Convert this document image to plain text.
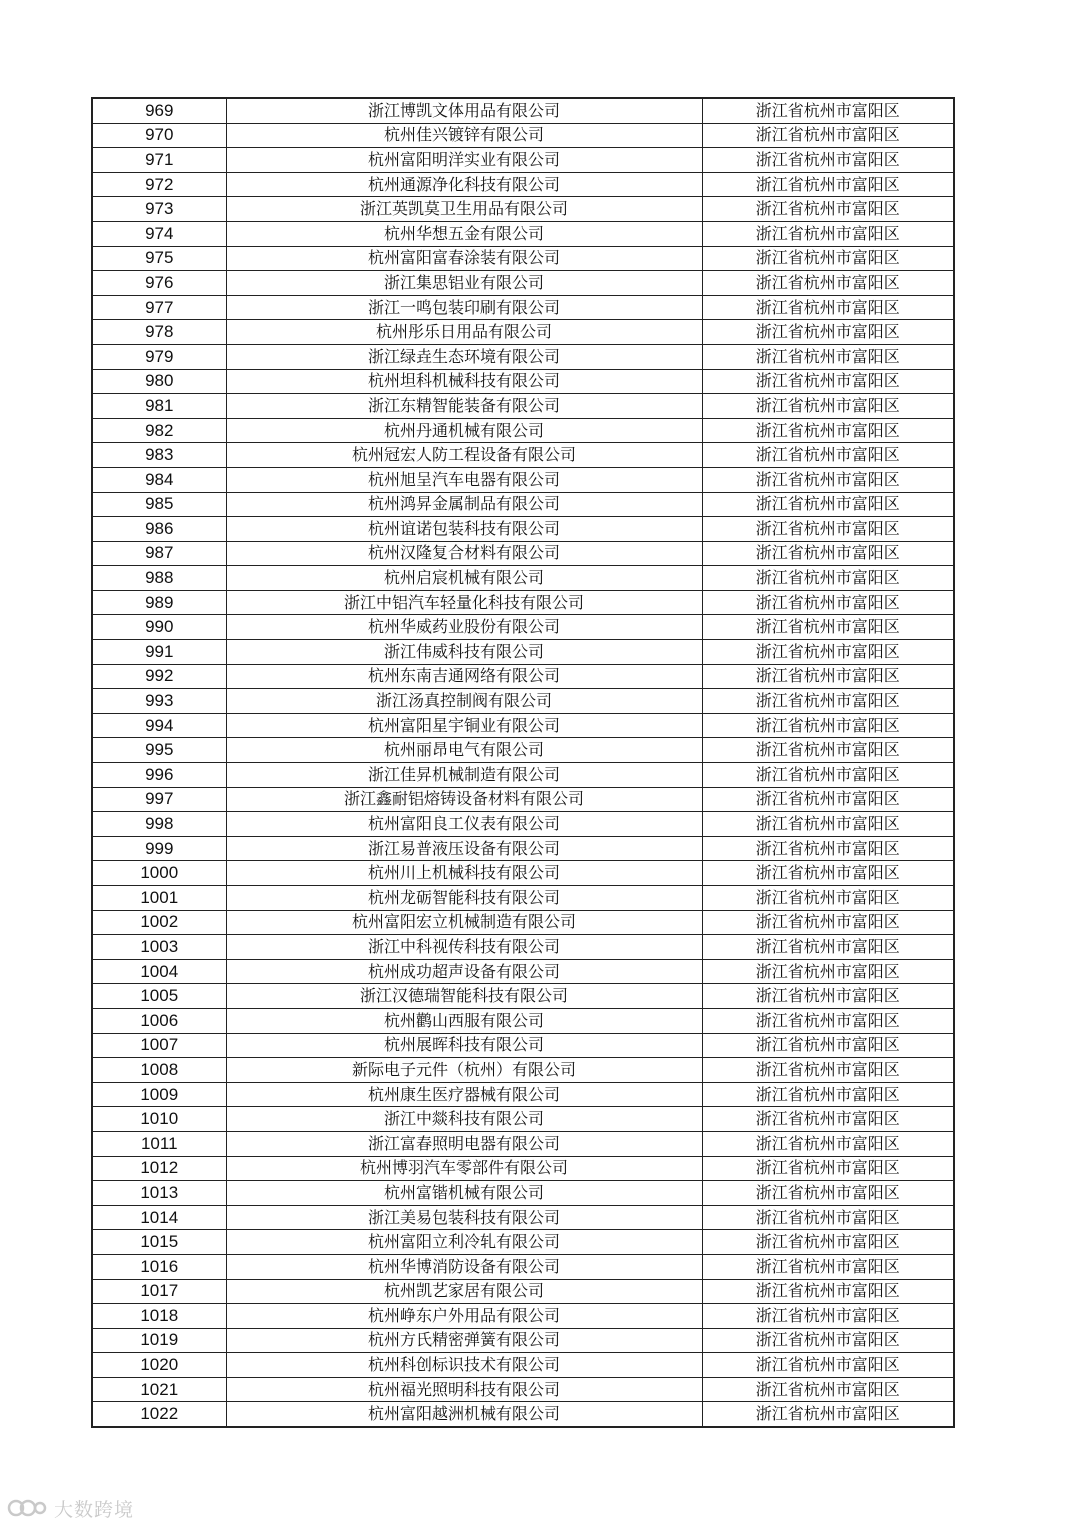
969	浙江博凯文体用品有限公司	浙江省杭州市富阳区
970	杭州佳兴镀锌有限公司	浙江省杭州市富阳区
971	杭州富阳明洋实业有限公司	浙江省杭州市富阳区
972	杭州通源净化科技有限公司	浙江省杭州市富阳区
973	浙江英凯莫卫生用品有限公司	浙江省杭州市富阳区
974	杭州华想五金有限公司	浙江省杭州市富阳区
975	杭州富阳富春涂装有限公司	浙江省杭州市富阳区
976	浙江集思铝业有限公司	浙江省杭州市富阳区
977	浙江一鸣包装印刷有限公司	浙江省杭州市富阳区
978	杭州彤乐日用品有限公司	浙江省杭州市富阳区
979	浙江绿垚生态环境有限公司	浙江省杭州市富阳区
980	杭州坦科机械科技有限公司	浙江省杭州市富阳区
981	浙江东精智能装备有限公司	浙江省杭州市富阳区
982	杭州丹通机械有限公司	浙江省杭州市富阳区
983	杭州冠宏人防工程设备有限公司	浙江省杭州市富阳区
984	杭州旭呈汽车电器有限公司	浙江省杭州市富阳区
985	杭州鸿昇金属制品有限公司	浙江省杭州市富阳区
986	杭州谊诺包装科技有限公司	浙江省杭州市富阳区
987	杭州汉隆复合材料有限公司	浙江省杭州市富阳区
988	杭州启宸机械有限公司	浙江省杭州市富阳区
989	浙江中铝汽车轻量化科技有限公司	浙江省杭州市富阳区
990	杭州华威药业股份有限公司	浙江省杭州市富阳区
991	浙江伟威科技有限公司	浙江省杭州市富阳区
992	杭州东南吉通网络有限公司	浙江省杭州市富阳区
993	浙江汤真控制阀有限公司	浙江省杭州市富阳区
994	杭州富阳星宇铜业有限公司	浙江省杭州市富阳区
995	杭州丽昂电气有限公司	浙江省杭州市富阳区
996	浙江佳昇机械制造有限公司	浙江省杭州市富阳区
997	浙江鑫耐铝熔铸设备材料有限公司	浙江省杭州市富阳区
998	杭州富阳良工仪表有限公司	浙江省杭州市富阳区
999	浙江易普液压设备有限公司	浙江省杭州市富阳区
1000	杭州川上机械科技有限公司	浙江省杭州市富阳区
1001	杭州龙砺智能科技有限公司	浙江省杭州市富阳区
1002	杭州富阳宏立机械制造有限公司	浙江省杭州市富阳区
1003	浙江中科视传科技有限公司	浙江省杭州市富阳区
1004	杭州成功超声设备有限公司	浙江省杭州市富阳区
1005	浙江汉德瑞智能科技有限公司	浙江省杭州市富阳区
1006	杭州鹳山西服有限公司	浙江省杭州市富阳区
1007	杭州展晖科技有限公司	浙江省杭州市富阳区
1008	新际电子元件（杭州）有限公司	浙江省杭州市富阳区
1009	杭州康生医疗器械有限公司	浙江省杭州市富阳区
1010	浙江中燚科技有限公司	浙江省杭州市富阳区
1011	浙江富春照明电器有限公司	浙江省杭州市富阳区
1012	杭州博羽汽车零部件有限公司	浙江省杭州市富阳区
1013	杭州富锴机械有限公司	浙江省杭州市富阳区
1014	浙江美易包装科技有限公司	浙江省杭州市富阳区
1015	杭州富阳立利冷轧有限公司	浙江省杭州市富阳区
1016	杭州华博消防设备有限公司	浙江省杭州市富阳区
1017	杭州凯艺家居有限公司	浙江省杭州市富阳区
1018	杭州峥东户外用品有限公司	浙江省杭州市富阳区
1019	杭州方氏精密弹簧有限公司	浙江省杭州市富阳区
1020	杭州科创标识技术有限公司	浙江省杭州市富阳区
1021	杭州福光照明科技有限公司	浙江省杭州市富阳区
1022	杭州富阳越洲机械有限公司	浙江省杭州市富阳区
大数跨境
